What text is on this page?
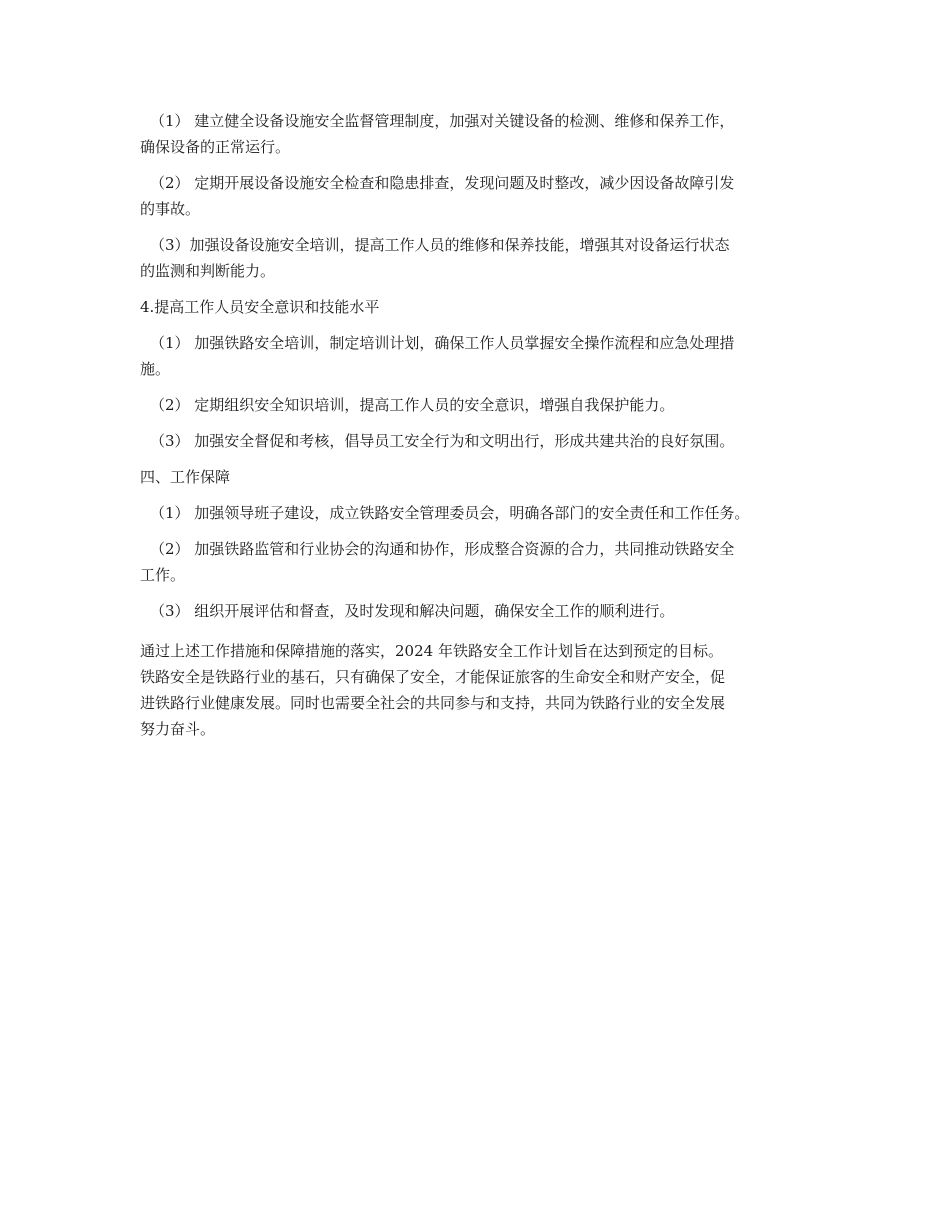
（1） 建立健全设备设施安全监督管理制度，加强对关键设备的检测、维修和保养工作，
确保设备的正常运行。

（2） 定期开展设备设施安全检查和隐患排查，发现问题及时整改，减少因设备故障引发
的事故。

（3）加强设备设施安全培训，提高工作人员的维修和保养技能，增强其对设备运行状态
的监测和判断能力。

4.提高工作人员安全意识和技能水平

（1） 加强铁路安全培训，制定培训计划，确保工作人员掌握安全操作流程和应急处理措
施。

（2） 定期组织安全知识培训，提高工作人员的安全意识，增强自我保护能力。

（3） 加强安全督促和考核，倡导员工安全行为和文明出行，形成共建共治的良好氛围。

四、工作保障

（1） 加强领导班子建设，成立铁路安全管理委员会，明确各部门的安全责任和工作任务。

（2） 加强铁路监管和行业协会的沟通和协作，形成整合资源的合力，共同推动铁路安全
工作。

（3） 组织开展评估和督查，及时发现和解决问题，确保安全工作的顺利进行。

通过上述工作措施和保障措施的落实，2024 年铁路安全工作计划旨在达到预定的目标。
铁路安全是铁路行业的基石，只有确保了安全，才能保证旅客的生命安全和财产安全，促
进铁路行业健康发展。同时也需要全社会的共同参与和支持，共同为铁路行业的安全发展
努力奋斗。
